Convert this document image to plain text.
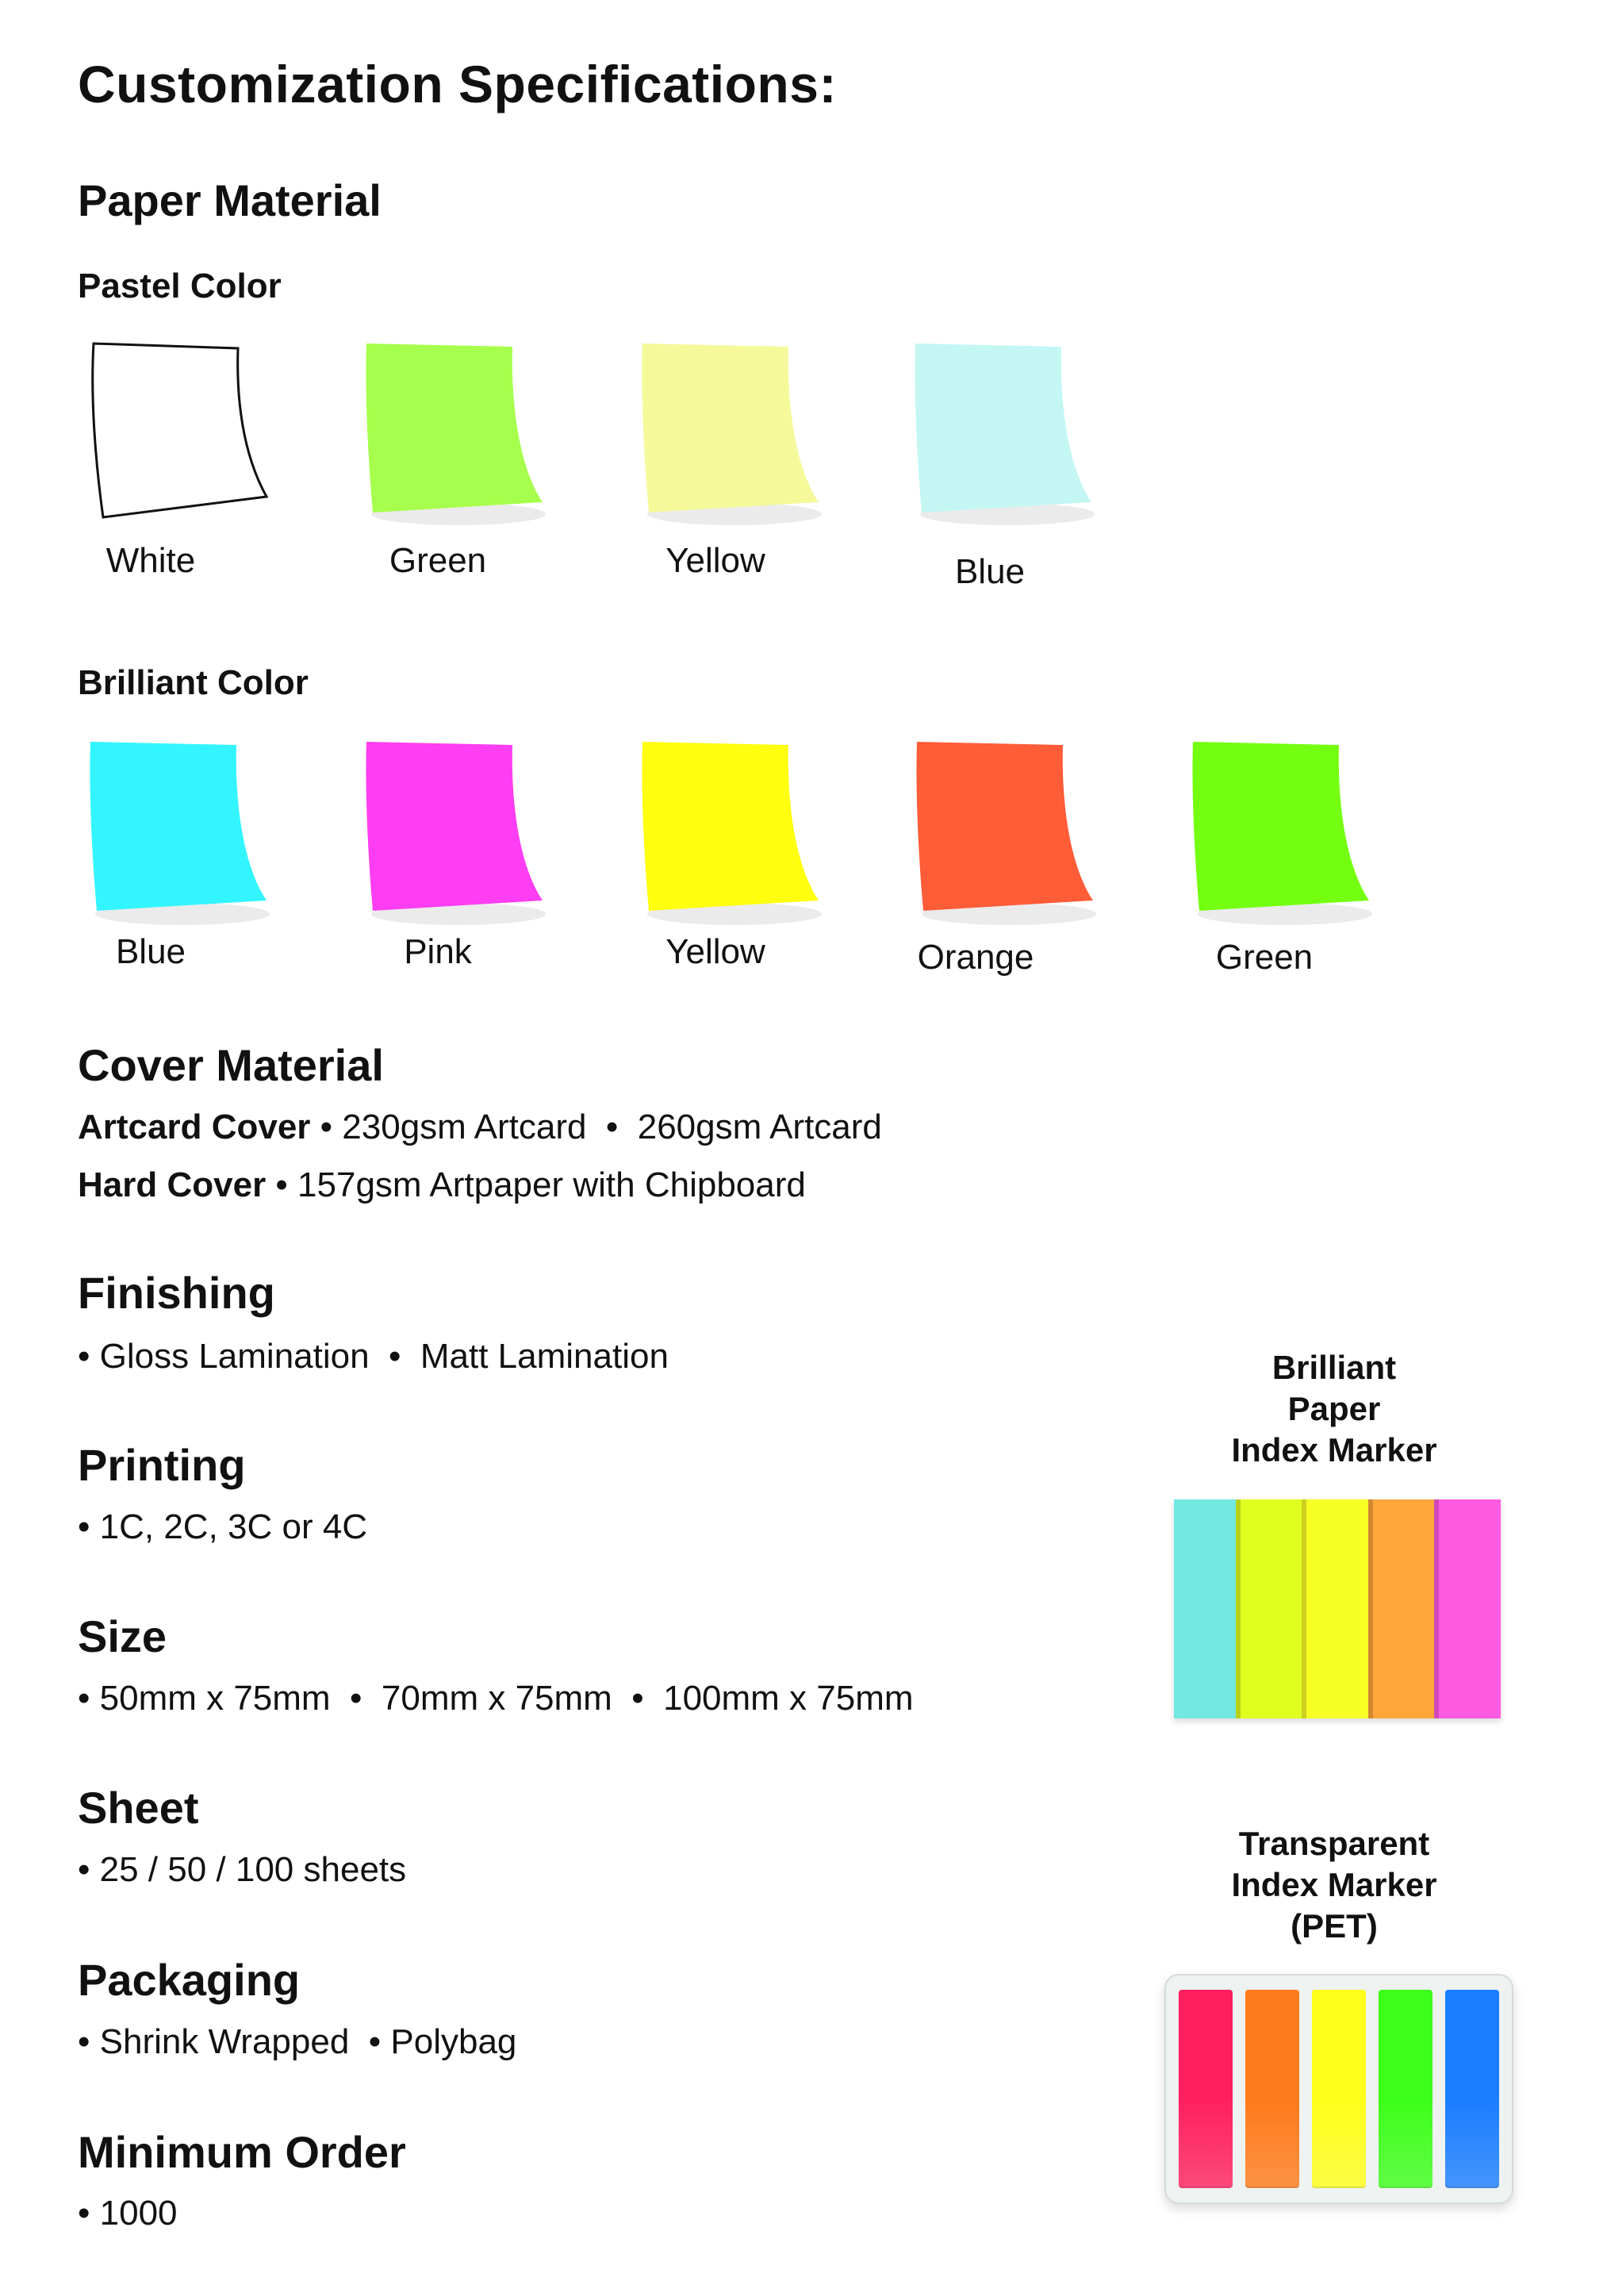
Customization Specifications:
Paper Material
Pastel Color
White	Green	Yellow	Blue
Brilliant Color
Blue	Pink	Yellow	Orange	Green
Cover Material
Artcard Cover • 230gsm Artcard  •  260gsm Artcard
Hard Cover • 157gsm Artpaper with Chipboard
Finishing
• Gloss Lamination  •  Matt Lamination
Printing
• 1C, 2C, 3C or 4C
Size
• 50mm x 75mm  •  70mm x 75mm  •  100mm x 75mm
Sheet
• 25 / 50 / 100 sheets
Packaging
• Shrink Wrapped  • Polybag
Minimum Order
• 1000
Brilliant
Paper
Index Marker
Transparent
Index Marker
(PET)
